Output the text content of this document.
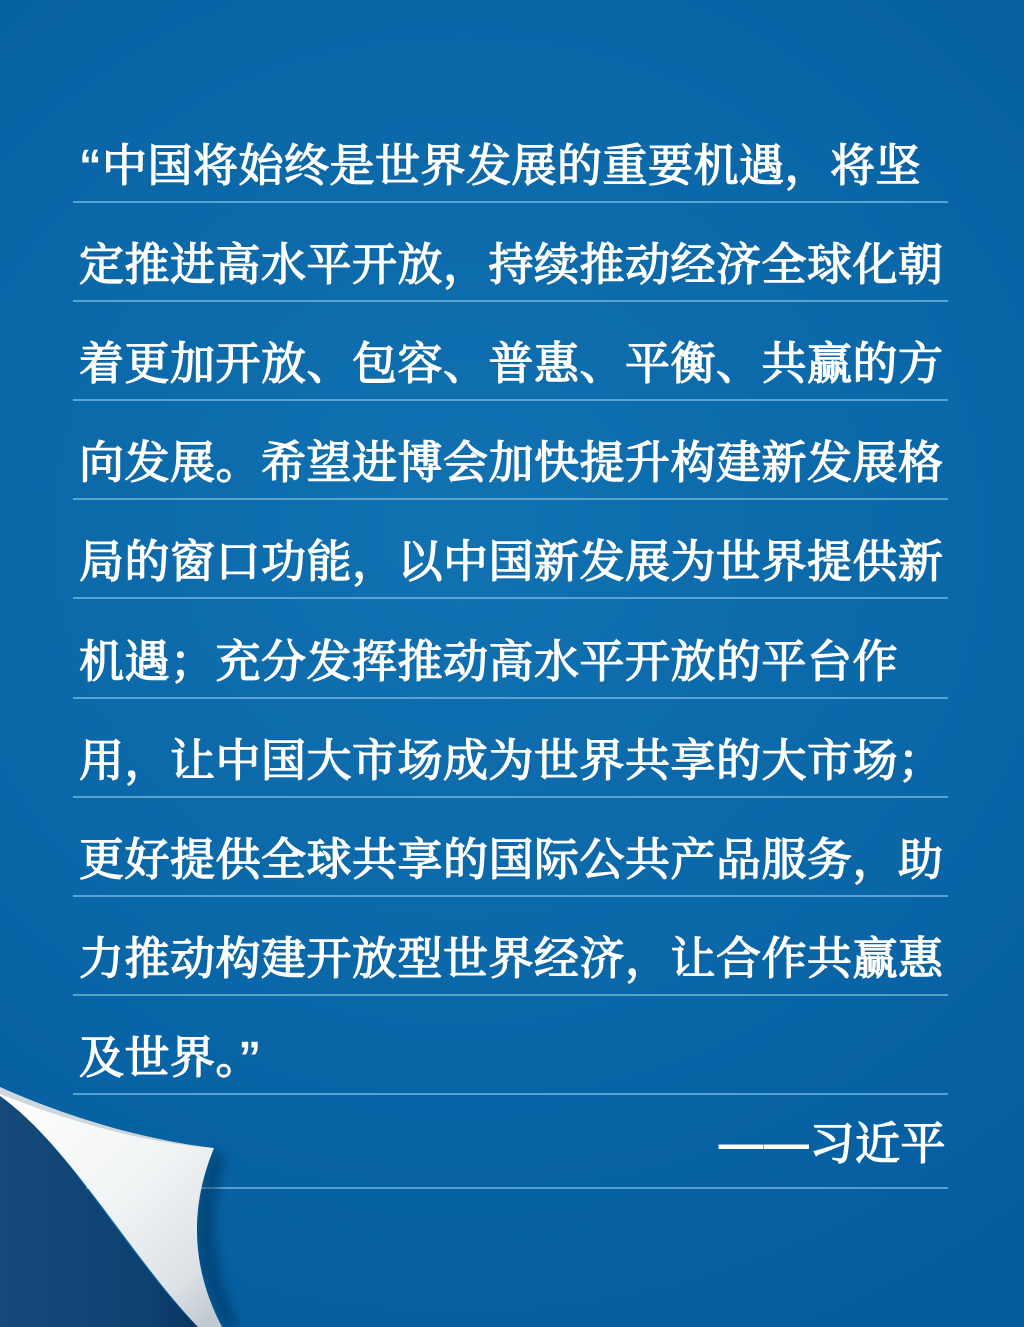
“中国将始终是世界发展的重要机遇，将坚
定推进高水平开放，持续推动经济全球化朝
着更加开放、包容、普惠、平衡、共赢的方
向发展。希望进博会加快提升构建新发展格
局的窗口功能，以中国新发展为世界提供新
机遇；充分发挥推动高水平开放的平台作
用，让中国大市场成为世界共享的大市场；
更好提供全球共享的国际公共产品服务，助
力推动构建开放型世界经济，让合作共赢惠
及世界。”
——习近平
